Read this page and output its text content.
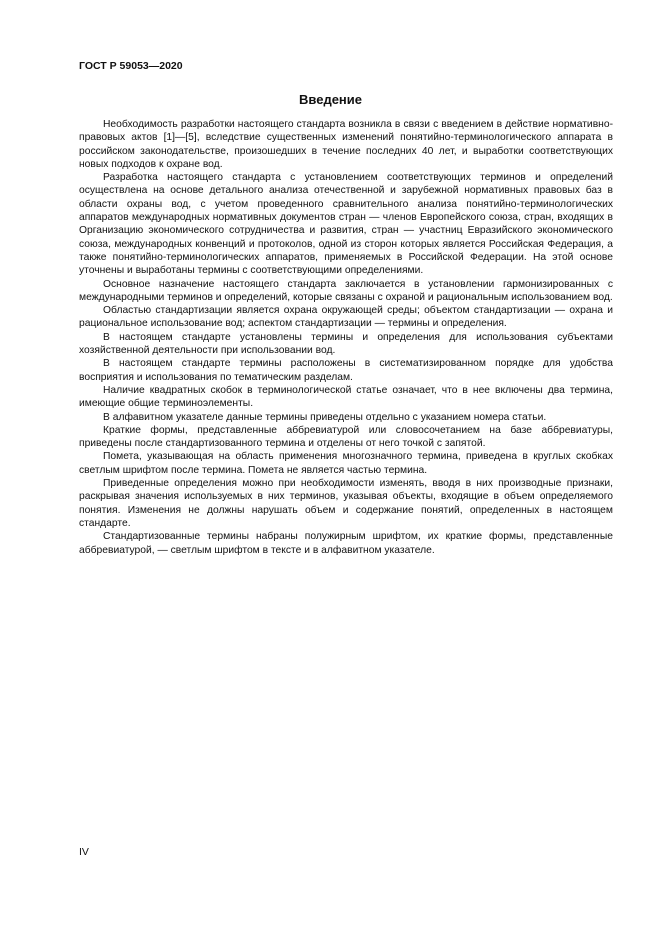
ГОСТ Р 59053—2020
Введение

Необходимость разработки настоящего стандарта возникла в связи с введением в действие нормативно-правовых актов [1]—[5], вследствие существенных изменений понятийно-терминологического аппарата в российском законодательстве, произошедших в течение последних 40 лет, и выработки соответствующих новых подходов к охране вод.

Разработка настоящего стандарта с установлением соответствующих терминов и определений осуществлена на основе детального анализа отечественной и зарубежной нормативных правовых баз в области охраны вод, с учетом проведенного сравнительного анализа понятийно-терминологических аппаратов международных нормативных документов стран — членов Европейского союза, стран, входящих в Организацию экономического сотрудничества и развития, стран — участниц Евразийского экономического союза, международных конвенций и протоколов, одной из сторон которых является Российская Федерация, а также понятийно-терминологических аппаратов, применяемых в Российской Федерации. На этой основе уточнены и выработаны термины с соответствующими определениями.

Основное назначение настоящего стандарта заключается в установлении гармонизированных с международными терминов и определений, которые связаны с охраной и рациональным использованием вод.

Областью стандартизации является охрана окружающей среды; объектом стандартизации — охрана и рациональное использование вод; аспектом стандартизации — термины и определения.

В настоящем стандарте установлены термины и определения для использования субъектами хозяйственной деятельности при использовании вод.

В настоящем стандарте термины расположены в систематизированном порядке для удобства восприятия и использования по тематическим разделам.

Наличие квадратных скобок в терминологической статье означает, что в нее включены два термина, имеющие общие терминоэлементы.

В алфавитном указателе данные термины приведены отдельно с указанием номера статьи.

Краткие формы, представленные аббревиатурой или словосочетанием на базе аббревиатуры, приведены после стандартизованного термина и отделены от него точкой с запятой.

Помета, указывающая на область применения многозначного термина, приведена в круглых скобках светлым шрифтом после термина. Помета не является частью термина.

Приведенные определения можно при необходимости изменять, вводя в них производные признаки, раскрывая значения используемых в них терминов, указывая объекты, входящие в объем определяемого понятия. Изменения не должны нарушать объем и содержание понятий, определенных в настоящем стандарте.

Стандартизованные термины набраны полужирным шрифтом, их краткие формы, представленные аббревиатурой, — светлым шрифтом в тексте и в алфавитном указателе.

IV
